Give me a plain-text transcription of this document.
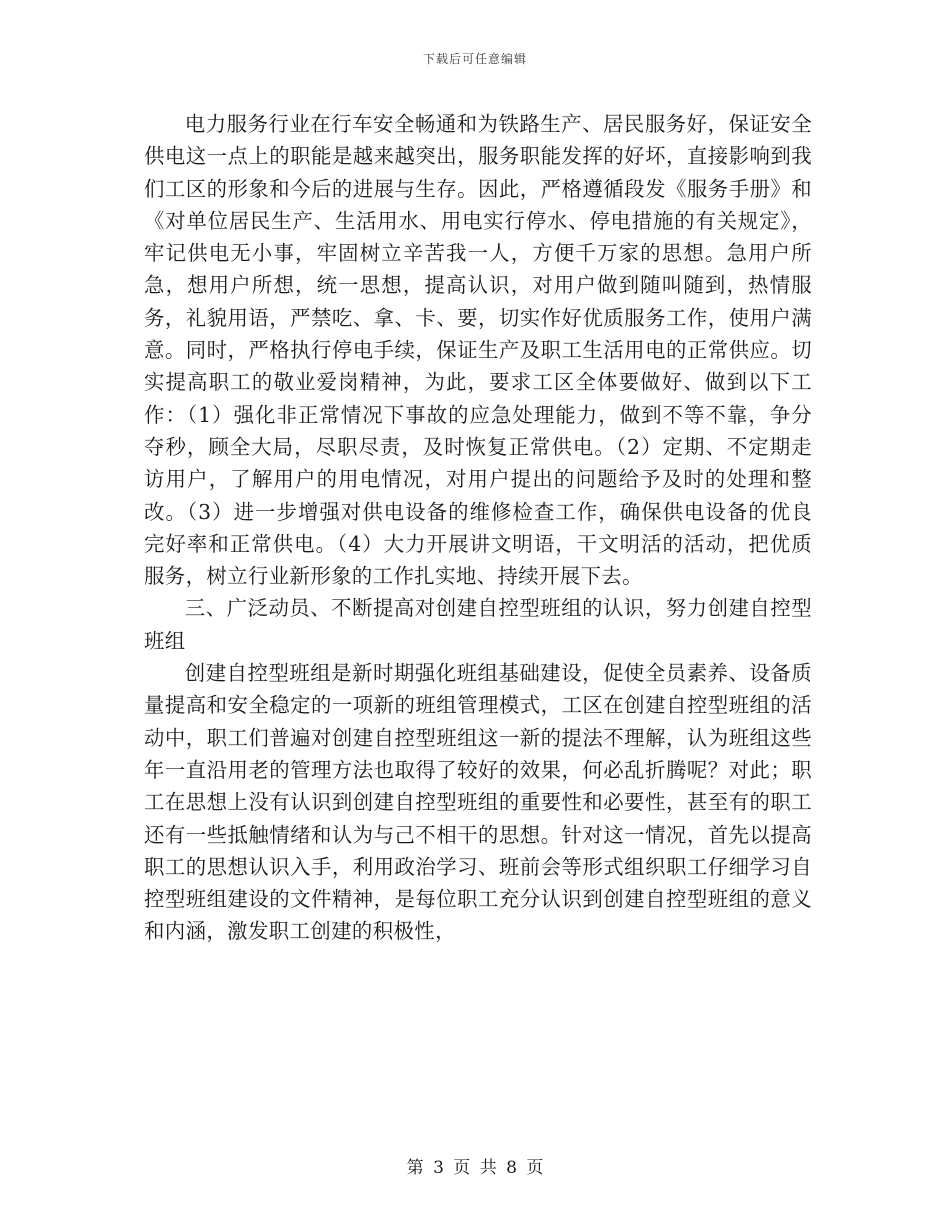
下载后可任意编辑

电力服务行业在行车安全畅通和为铁路生产、居民服务好，保证安全供电这一点上的职能是越来越突出，服务职能发挥的好坏，直接影响到我们工区的形象和今后的进展与生存。因此，严格遵循段发《服务手册》和《对单位居民生产、生活用水、用电实行停水、停电措施的有关规定》，牢记供电无小事，牢固树立辛苦我一人，方便千万家的思想。急用户所急，想用户所想，统一思想，提高认识，对用户做到随叫随到，热情服务，礼貌用语，严禁吃、拿、卡、要，切实作好优质服务工作，使用户满意。同时，严格执行停电手续，保证生产及职工生活用电的正常供应。切实提高职工的敬业爱岗精神，为此，要求工区全体要做好、做到以下工作：（1）强化非正常情况下事故的应急处理能力，做到不等不靠，争分夺秒，顾全大局，尽职尽责，及时恢复正常供电。（2）定期、不定期走访用户，了解用户的用电情况，对用户提出的问题给予及时的处理和整改。（3）进一步增强对供电设备的维修检查工作，确保供电设备的优良完好率和正常供电。（4）大力开展讲文明语，干文明活的活动，把优质服务，树立行业新形象的工作扎实地、持续开展下去。

三、广泛动员、不断提高对创建自控型班组的认识，努力创建自控型班组

创建自控型班组是新时期强化班组基础建设，促使全员素养、设备质量提高和安全稳定的一项新的班组管理模式，工区在创建自控型班组的活动中，职工们普遍对创建自控型班组这一新的提法不理解，认为班组这些年一直沿用老的管理方法也取得了较好的效果，何必乱折腾呢？对此；职工在思想上没有认识到创建自控型班组的重要性和必要性，甚至有的职工还有一些抵触情绪和认为与己不相干的思想。针对这一情况，首先以提高职工的思想认识入手，利用政治学习、班前会等形式组织职工仔细学习自控型班组建设的文件精神，是每位职工充分认识到创建自控型班组的意义和内涵，激发职工创建的积极性，

第 3 页 共 8 页
